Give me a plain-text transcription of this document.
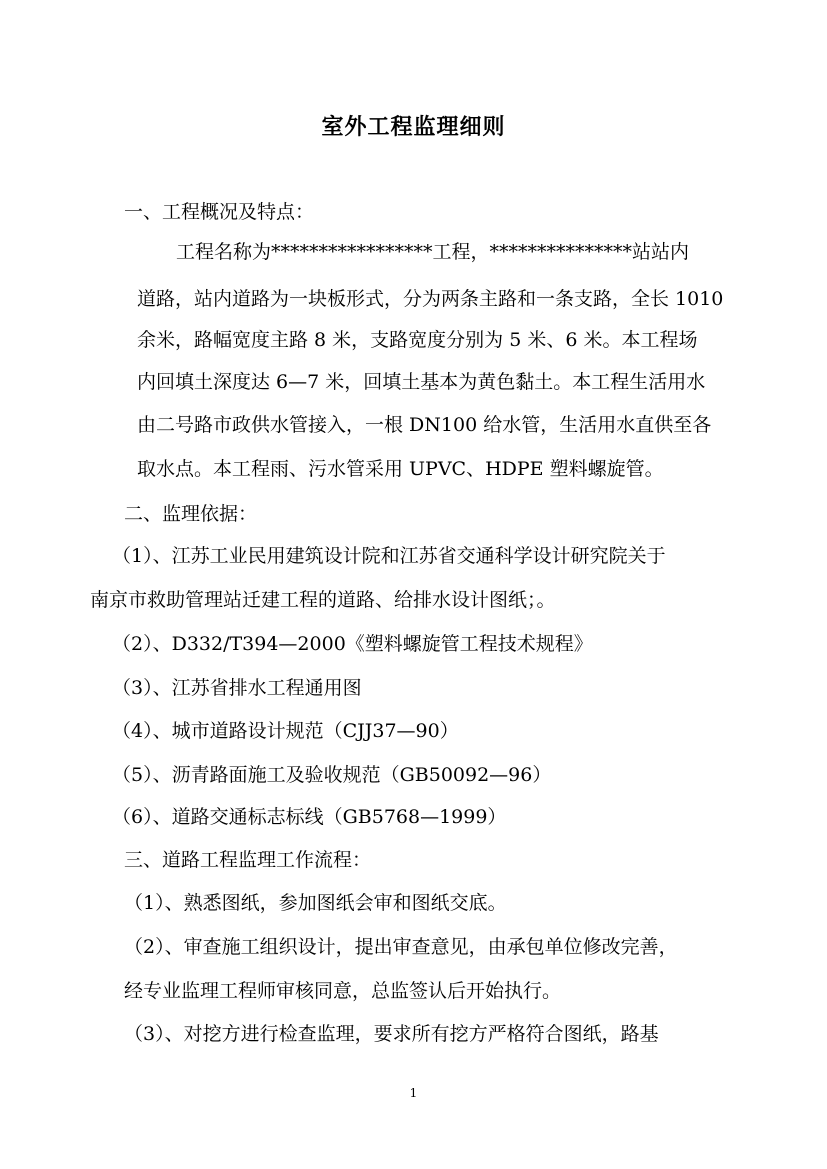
室外工程监理细则
一、工程概况及特点：
工程名称为*****************工程，***************站站内
道路，站内道路为一块板形式，分为两条主路和一条支路，全长 1010
余米，路幅宽度主路 8 米，支路宽度分别为 5 米、6 米。本工程场
内回填土深度达 6—7 米，回填土基本为黄色黏土。本工程生活用水
由二号路市政供水管接入，一根 DN100 给水管，生活用水直供至各
取水点。本工程雨、污水管采用 UPVC、HDPE 塑料螺旋管。
二、监理依据：
（1）、江苏工业民用建筑设计院和江苏省交通科学设计研究院关于
南京市救助管理站迁建工程的道路、给排水设计图纸；。
（2）、D332/T394—2000《塑料螺旋管工程技术规程》
（3）、江苏省排水工程通用图
（4）、城市道路设计规范（CJJ37—90）
（5）、沥青路面施工及验收规范（GB50092—96）
（6）、道路交通标志标线（GB5768—1999）
三、道路工程监理工作流程：
（1）、熟悉图纸，参加图纸会审和图纸交底。
（2）、审查施工组织设计，提出审查意见，由承包单位修改完善，
经专业监理工程师审核同意，总监签认后开始执行。
（3）、对挖方进行检查监理，要求所有挖方严格符合图纸，路基
1
